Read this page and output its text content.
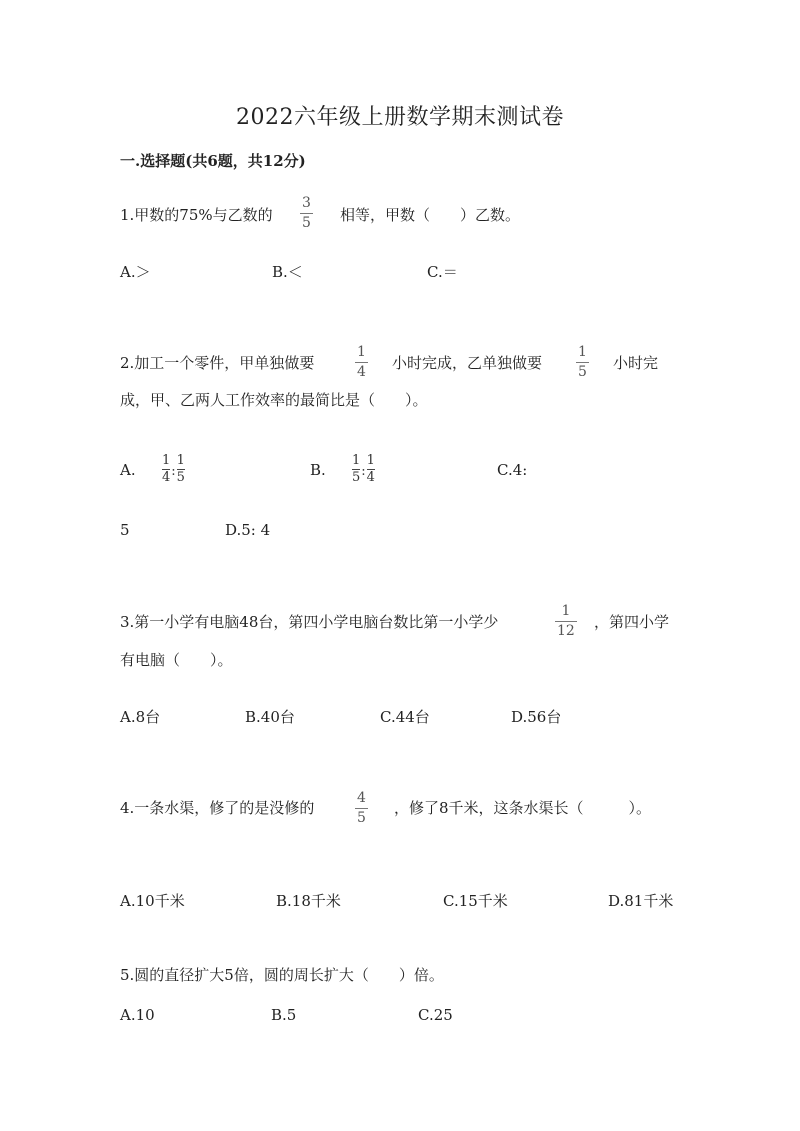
2022六年级上册数学期末测试卷
一.选择题(共6题，共12分)
1.甲数的75%与乙数的
3
5 相等，甲数（　　）乙数。
A.＞	B.＜	C.＝
2.加工一个零件，甲单独做要
1
4 小时完成，乙单独做要
1
5 小时完
成，甲、乙两人工作效率的最简比是（　　）。
A.
1
4 :
1
5	B.
1
5 :
1
4	C.4:
5	D.5: 4
3.第一小学有电脑48台，第四小学电脑台数比第一小学少
1
12 ，第四小学
有电脑（　　）。
A.8台	B.40台	C.44台	D.56台
4.一条水渠，修了的是没修的
4
5
，修了8千米，这条水渠长（　　　）。
A.10千米	B.18千米	C.15千米	D.81千米
5.圆的直径扩大5倍，圆的周长扩大（　　）倍。
A.10	B.5	C.25
